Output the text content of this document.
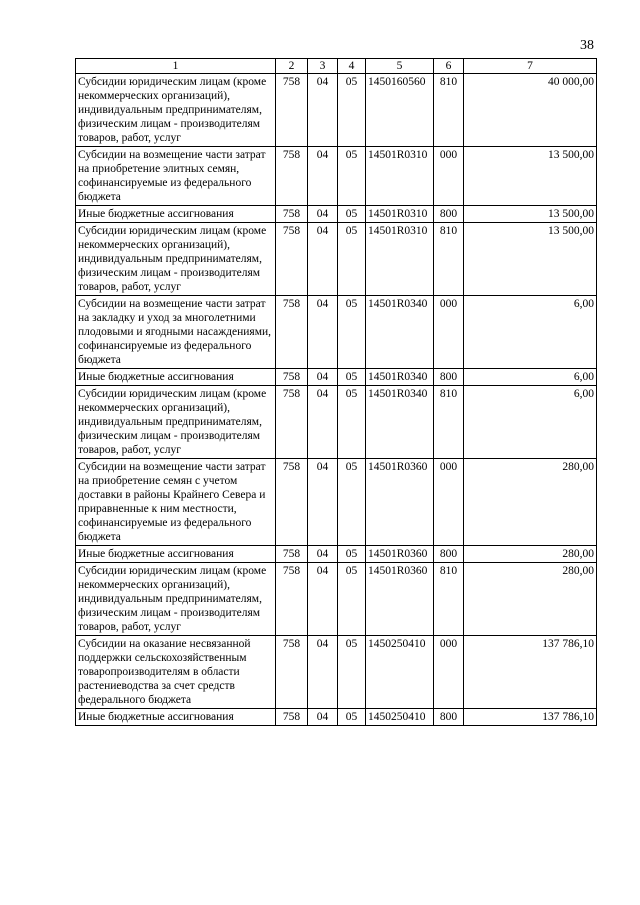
38
1	2	3	4	5	6	7
Субсидии юридическим лицам (кроме некоммерческих организаций), индивидуальным предпринимателям, физическим лицам - производителям товаров, работ, услуг	758	04	05	1450160560	810	40 000,00
Субсидии на возмещение части затрат на приобретение элитных семян, софинансируемые из федерального бюджета	758	04	05	14501R0310	000	13 500,00
Иные бюджетные ассигнования	758	04	05	14501R0310	800	13 500,00
Субсидии юридическим лицам (кроме некоммерческих организаций), индивидуальным предпринимателям, физическим лицам - производителям товаров, работ, услуг	758	04	05	14501R0310	810	13 500,00
Субсидии на возмещение части затрат на закладку и уход за многолетними плодовыми и ягодными насаждениями, софинансируемые из федерального бюджета	758	04	05	14501R0340	000	6,00
Иные бюджетные ассигнования	758	04	05	14501R0340	800	6,00
Субсидии юридическим лицам (кроме некоммерческих организаций), индивидуальным предпринимателям, физическим лицам - производителям товаров, работ, услуг	758	04	05	14501R0340	810	6,00
Субсидии на возмещение части затрат на приобретение семян с учетом доставки в районы Крайнего Севера и приравненные к ним местности, софинансируемые из федерального бюджета	758	04	05	14501R0360	000	280,00
Иные бюджетные ассигнования	758	04	05	14501R0360	800	280,00
Субсидии юридическим лицам (кроме некоммерческих организаций), индивидуальным предпринимателям, физическим лицам - производителям товаров, работ, услуг	758	04	05	14501R0360	810	280,00
Субсидии на оказание несвязанной поддержки сельскохозяйственным товаропроизводителям в области растениеводства за счет средств федерального бюджета	758	04	05	1450250410	000	137 786,10
Иные бюджетные ассигнования	758	04	05	1450250410	800	137 786,10
